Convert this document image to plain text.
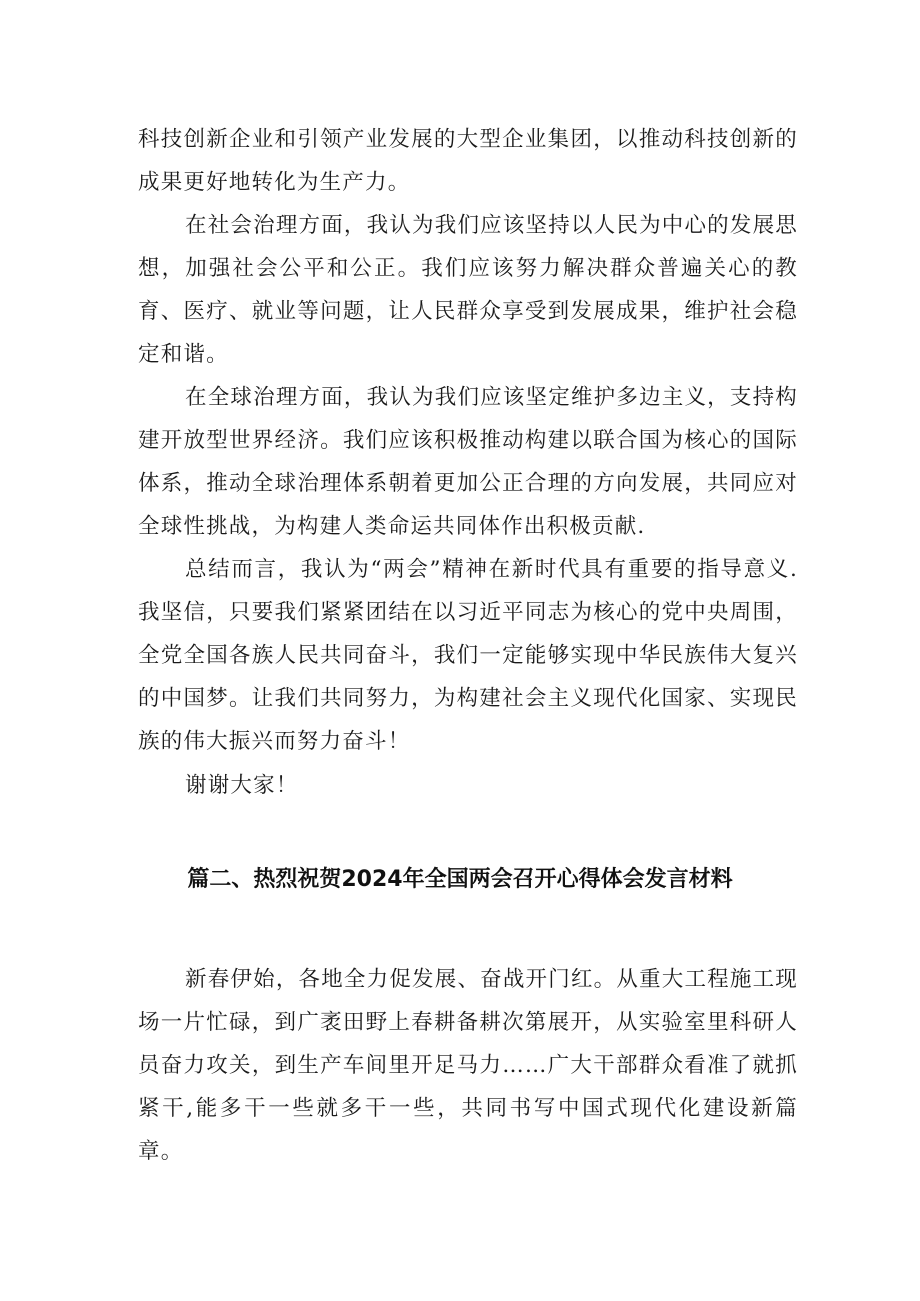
科技创新企业和引领产业发展的大型企业集团，以推动科技创新的成果更好地转化为生产力。

在社会治理方面，我认为我们应该坚持以人民为中心的发展思想，加强社会公平和公正。我们应该努力解决群众普遍关心的教育、医疗、就业等问题，让人民群众享受到发展成果，维护社会稳定和谐。

在全球治理方面，我认为我们应该坚定维护多边主义，支持构建开放型世界经济。我们应该积极推动构建以联合国为核心的国际体系，推动全球治理体系朝着更加公正合理的方向发展，共同应对全球性挑战，为构建人类命运共同体作出积极贡献.

总结而言，我认为“两会”精神在新时代具有重要的指导意义.我坚信，只要我们紧紧团结在以习近平同志为核心的党中央周围，全党全国各族人民共同奋斗，我们一定能够实现中华民族伟大复兴的中国梦。让我们共同努力，为构建社会主义现代化国家、实现民族的伟大振兴而努力奋斗！

谢谢大家！

篇二、热烈祝贺2024年全国两会召开心得体会发言材料

新春伊始，各地全力促发展、奋战开门红。从重大工程施工现场一片忙碌，到广袤田野上春耕备耕次第展开，从实验室里科研人员奋力攻关，到生产车间里开足马力……广大干部群众看准了就抓紧干,能多干一些就多干一些，共同书写中国式现代化建设新篇章。
